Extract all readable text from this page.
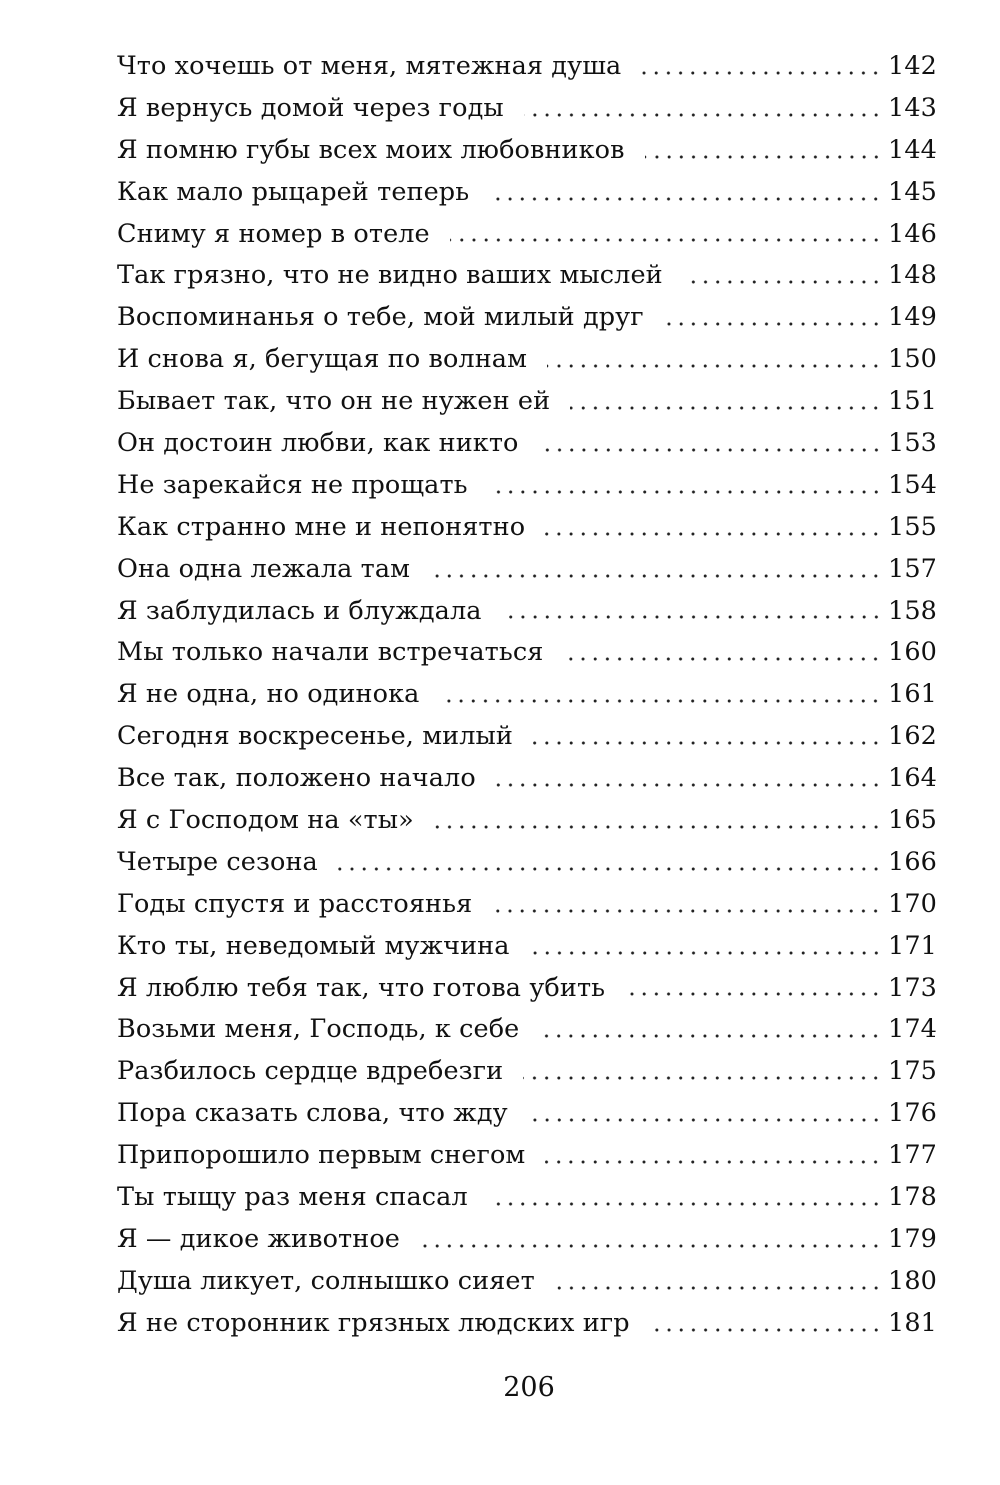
Что хочешь от меня, мятежная душа	142
Я вернусь домой через годы	143
Я помню губы всех моих любовников	144
Как мало рыцарей теперь	145
Сниму я номер в отеле	146
Так грязно, что не видно ваших мыслей	148
Воспоминанья о тебе, мой милый друг	149
И снова я, бегущая по волнам	150
Бывает так, что он не нужен ей	151
Он достоин любви, как никто	153
Не зарекайся не прощать	154
Как странно мне и непонятно	155
Она одна лежала там	157
Я заблудилась и блуждала	158
Мы только начали встречаться	160
Я не одна, но одинока	161
Сегодня воскресенье, милый	162
Все так, положено начало	164
Я с Господом на «ты»	165
Четыре сезона	166
Годы спустя и расстоянья	170
Кто ты, неведомый мужчина	171
Я люблю тебя так, что готова убить	173
Возьми меня, Господь, к себе	174
Разбилось сердце вдребезги	175
Пора сказать слова, что жду	176
Припорошило первым снегом	177
Ты тыщу раз меня спасал	178
Я — дикое животное	179
Душа ликует, солнышко сияет	180
Я не сторонник грязных людских игр	181
206
